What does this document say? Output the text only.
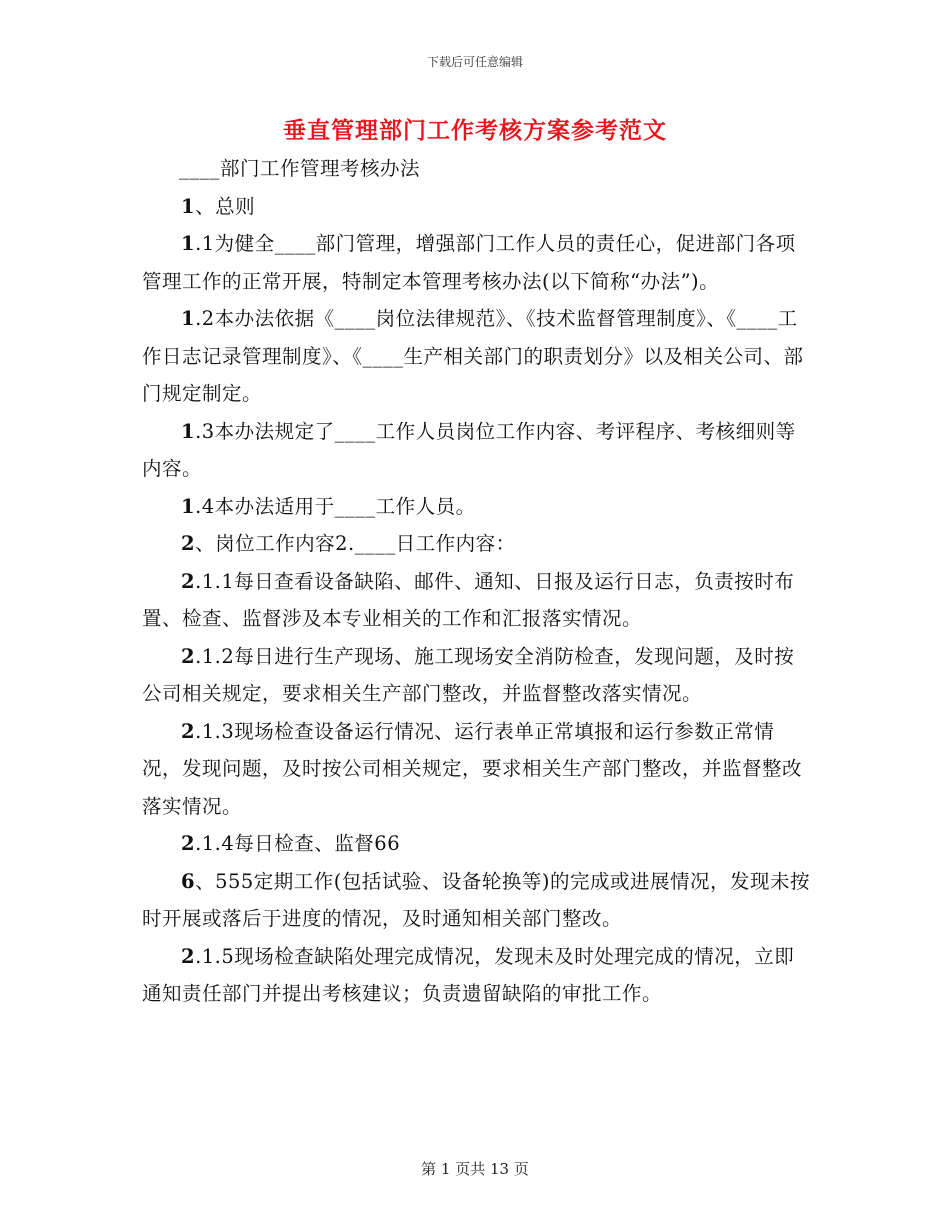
下载后可任意编辑
垂直管理部门工作考核方案参考范文

____部门工作管理考核办法

1、总则

1.1为健全____部门管理，增强部门工作人员的责任心，促进部门各项管理工作的正常开展，特制定本管理考核办法(以下简称“办法”)。

1.2本办法依据《____岗位法律规范》、《技术监督管理制度》、《____工作日志记录管理制度》、《____生产相关部门的职责划分》以及相关公司、部门规定制定。

1.3本办法规定了____工作人员岗位工作内容、考评程序、考核细则等内容。

1.4本办法适用于____工作人员。

2、岗位工作内容2.____日工作内容：

2.1.1每日查看设备缺陷、邮件、通知、日报及运行日志，负责按时布置、检查、监督涉及本专业相关的工作和汇报落实情况。

2.1.2每日进行生产现场、施工现场安全消防检查，发现问题，及时按公司相关规定，要求相关生产部门整改，并监督整改落实情况。

2.1.3现场检查设备运行情况、运行表单正常填报和运行参数正常情况，发现问题，及时按公司相关规定，要求相关生产部门整改，并监督整改落实情况。

2.1.4每日检查、监督66

6、555定期工作(包括试验、设备轮换等)的完成或进展情况，发现未按时开展或落后于进度的情况，及时通知相关部门整改。

2.1.5现场检查缺陷处理完成情况，发现未及时处理完成的情况，立即通知责任部门并提出考核建议；负责遗留缺陷的审批工作。

第 1 页共 13 页
